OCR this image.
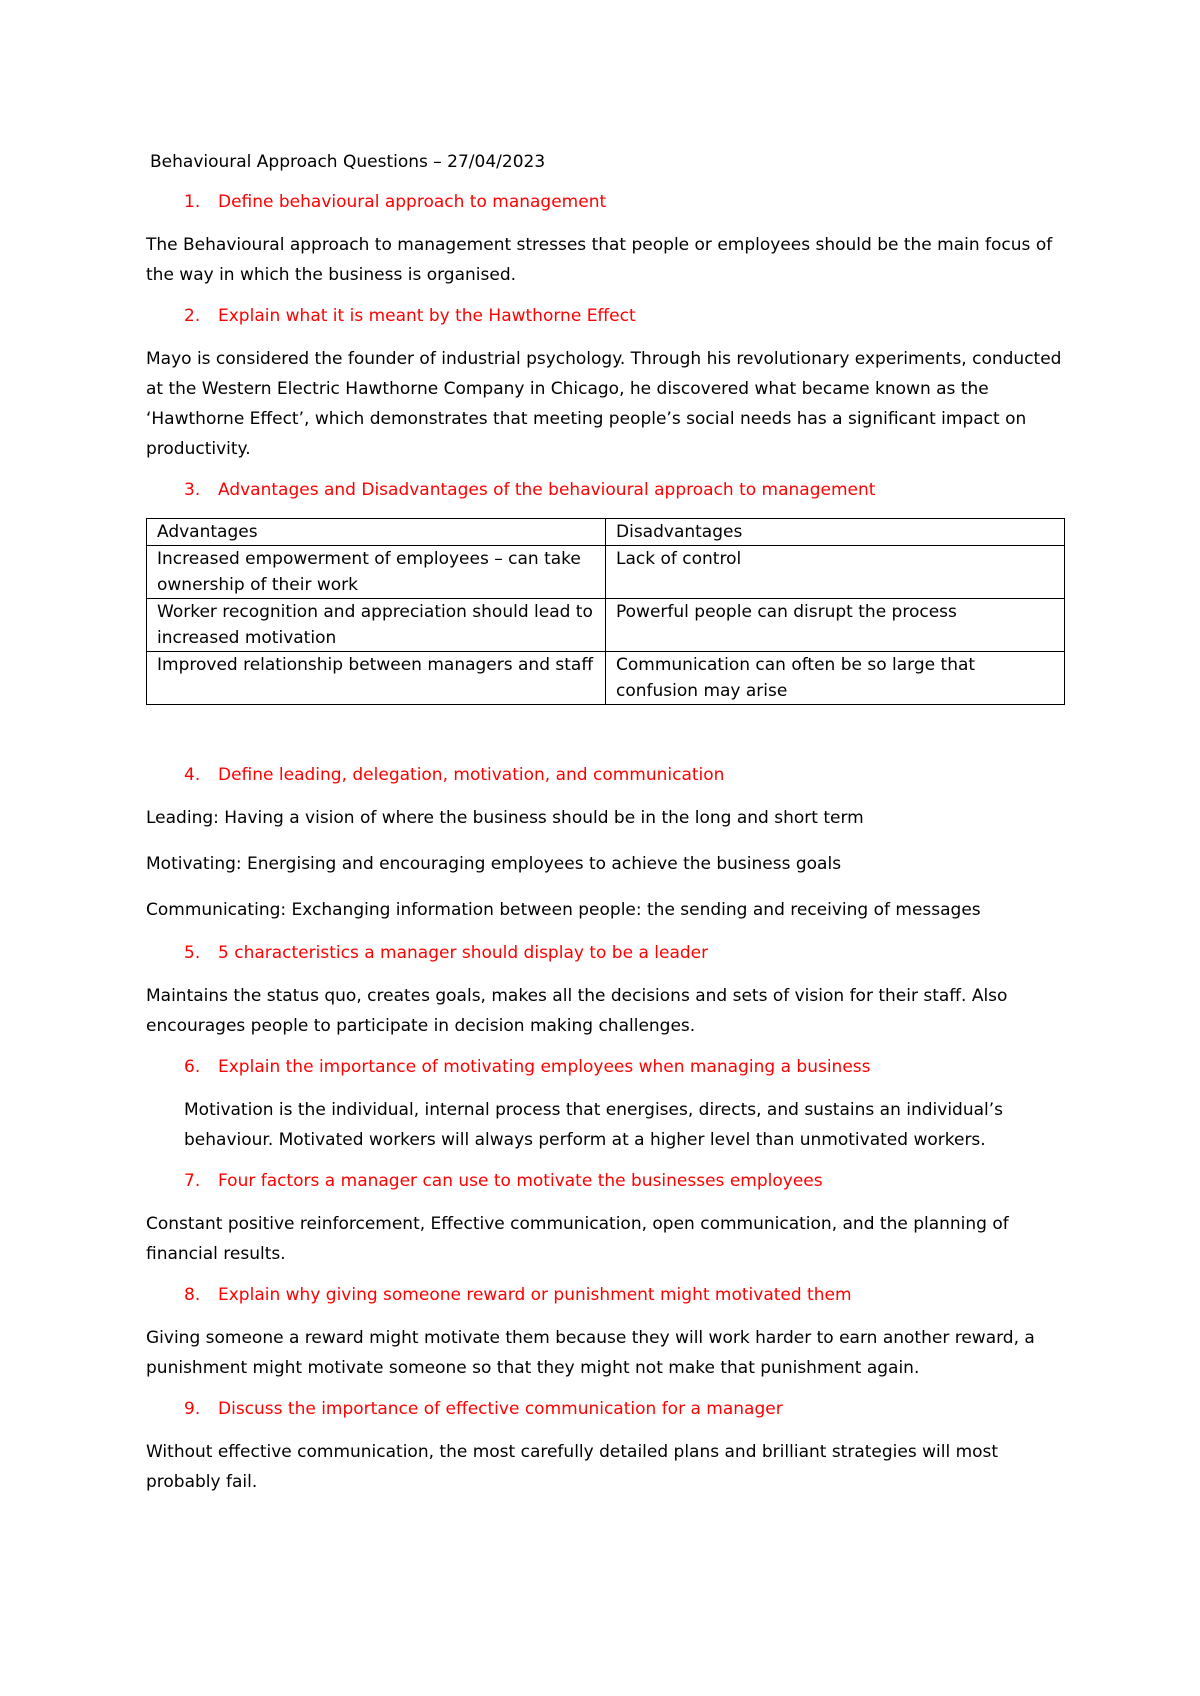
Behavioural Approach Questions – 27/04/2023
1. Define behavioural approach to management
The Behavioural approach to management stresses that people or employees should be the main focus of the way in which the business is organised.
2. Explain what it is meant by the Hawthorne Effect
Mayo is considered the founder of industrial psychology. Through his revolutionary experiments, conducted at the Western Electric Hawthorne Company in Chicago, he discovered what became known as the ‘Hawthorne Effect’, which demonstrates that meeting people’s social needs has a significant impact on productivity.
3. Advantages and Disadvantages of the behavioural approach to management
Advantages	Disadvantages
Increased empowerment of employees – can take ownership of their work	Lack of control
Worker recognition and appreciation should lead to increased motivation	Powerful people can disrupt the process
Improved relationship between managers and staff	Communication can often be so large that confusion may arise
4. Define leading, delegation, motivation, and communication
Leading: Having a vision of where the business should be in the long and short term
Motivating: Energising and encouraging employees to achieve the business goals
Communicating: Exchanging information between people: the sending and receiving of messages
5. 5 characteristics a manager should display to be a leader
Maintains the status quo, creates goals, makes all the decisions and sets of vision for their staff. Also encourages people to participate in decision making challenges.
6. Explain the importance of motivating employees when managing a business
Motivation is the individual, internal process that energises, directs, and sustains an individual’s behaviour. Motivated workers will always perform at a higher level than unmotivated workers.
7. Four factors a manager can use to motivate the businesses employees
Constant positive reinforcement, Effective communication, open communication, and the planning of financial results.
8. Explain why giving someone reward or punishment might motivated them
Giving someone a reward might motivate them because they will work harder to earn another reward, a punishment might motivate someone so that they might not make that punishment again.
9. Discuss the importance of effective communication for a manager
Without effective communication, the most carefully detailed plans and brilliant strategies will most probably fail.
